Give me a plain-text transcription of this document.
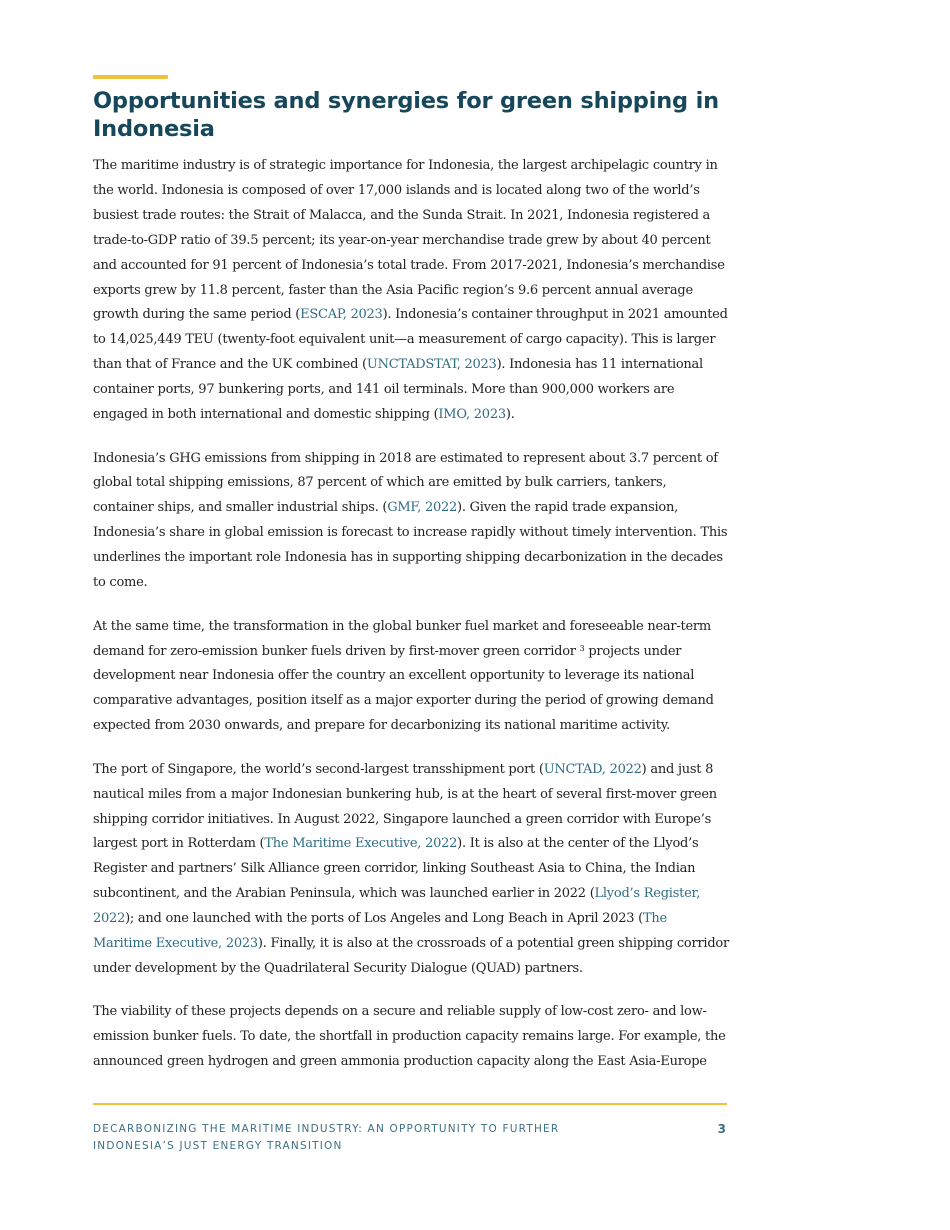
Opportunities and synergies for green shipping in Indonesia

The maritime industry is of strategic importance for Indonesia, the largest archipelagic country in the world. Indonesia is composed of over 17,000 islands and is located along two of the world’s busiest trade routes: the Strait of Malacca, and the Sunda Strait. In 2021, Indonesia registered a trade-to-GDP ratio of 39.5 percent; its year-on-year merchandise trade grew by about 40 percent and accounted for 91 percent of Indonesia’s total trade. From 2017-2021, Indonesia’s merchandise exports grew by 11.8 percent, faster than the Asia Pacific region’s 9.6 percent annual average growth during the same period (ESCAP, 2023). Indonesia’s container throughput in 2021 amounted to 14,025,449 TEU (twenty-foot equivalent unit—a measurement of cargo capacity). This is larger than that of France and the UK combined (UNCTADSTAT, 2023). Indonesia has 11 international container ports, 97 bunkering ports, and 141 oil terminals. More than 900,000 workers are engaged in both international and domestic shipping (IMO, 2023).

Indonesia’s GHG emissions from shipping in 2018 are estimated to represent about 3.7 percent of global total shipping emissions, 87 percent of which are emitted by bulk carriers, tankers, container ships, and smaller industrial ships. (GMF, 2022). Given the rapid trade expansion, Indonesia’s share in global emission is forecast to increase rapidly without timely intervention. This underlines the important role Indonesia has in supporting shipping decarbonization in the decades to come.

At the same time, the transformation in the global bunker fuel market and foreseeable near-term demand for zero-emission bunker fuels driven by first-mover green corridor $^3$ projects under development near Indonesia offer the country an excellent opportunity to leverage its national comparative advantages, position itself as a major exporter during the period of growing demand expected from 2030 onwards, and prepare for decarbonizing its national maritime activity.

The port of Singapore, the world’s second-largest transshipment port (UNCTAD, 2022) and just 8 nautical miles from a major Indonesian bunkering hub, is at the heart of several first-mover green shipping corridor initiatives. In August 2022, Singapore launched a green corridor with Europe’s largest port in Rotterdam (The Maritime Executive, 2022). It is also at the center of the Llyod’s Register and partners’ Silk Alliance green corridor, linking Southeast Asia to China, the Indian subcontinent, and the Arabian Peninsula, which was launched earlier in 2022 (Llyod’s Register, 2022); and one launched with the ports of Los Angeles and Long Beach in April 2023 (The Maritime Executive, 2023). Finally, it is also at the crossroads of a potential green shipping corridor under development by the Quadrilateral Security Dialogue (QUAD) partners.

The viability of these projects depends on a secure and reliable supply of low-cost zero- and low-emission bunker fuels. To date, the shortfall in production capacity remains large. For example, the announced green hydrogen and green ammonia production capacity along the East Asia-Europe

DECARBONIZING THE MARITIME INDUSTRY: AN OPPORTUNITY TO FURTHER INDONESIA’S JUST ENERGY TRANSITION
3
